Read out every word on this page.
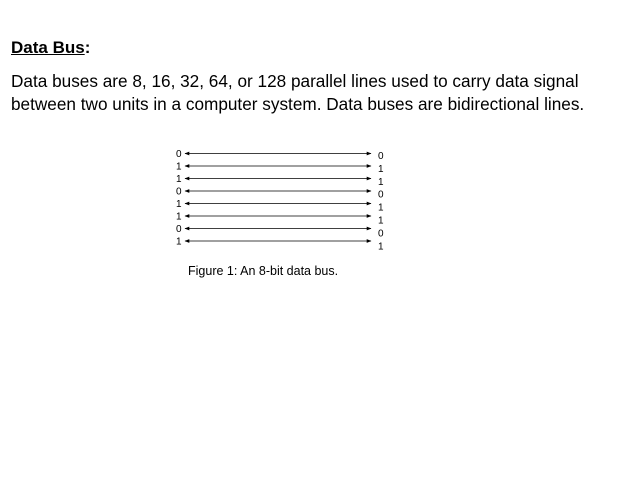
Data Bus:
Data buses are 8, 16, 32, 64, or 128 parallel lines used to carry data signal between two units in a computer system. Data buses are bidirectional lines.
0
1
1
0
1
1
0
1
0
1
1
0
1
1
0
1
Figure 1: An 8-bit data bus.
